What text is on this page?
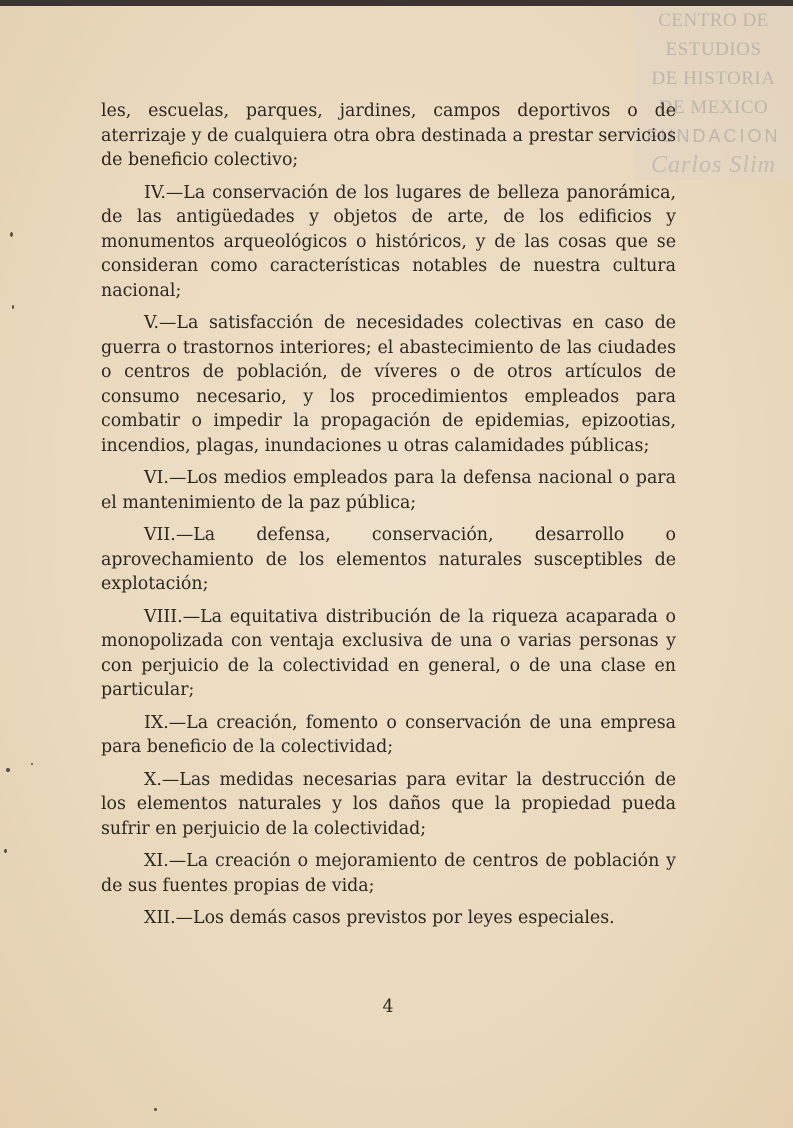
CENTRO DE
ESTUDIOS
DE HISTORIA
DE MEXICO
FUNDACION
Carlos Slim

les, escuelas, parques, jardines, campos deportivos o de aterrizaje y de cualquiera otra obra destinada a prestar servicios de beneficio colectivo;

IV.—La conservación de los lugares de belleza panorámica, de las antigüedades y objetos de arte, de los edificios y monumentos arqueológicos o históricos, y de las cosas que se consideran como características notables de nuestra cultura nacional;

V.—La satisfacción de necesidades colectivas en caso de guerra o trastornos interiores; el abastecimiento de las ciudades o centros de población, de víveres o de otros artículos de consumo necesario, y los procedimientos empleados para combatir o impedir la propagación de epidemias, epizootias, incendios, plagas, inundaciones u otras calamidades públicas;

VI.—Los medios empleados para la defensa nacional o para el mantenimiento de la paz pública;

VII.—La defensa, conservación, desarrollo o aprovechamiento de los elementos naturales susceptibles de explotación;

VIII.—La equitativa distribución de la riqueza acaparada o monopolizada con ventaja exclusiva de una o varias personas y con perjuicio de la colectividad en general, o de una clase en particular;

IX.—La creación, fomento o conservación de una empresa para beneficio de la colectividad;

X.—Las medidas necesarias para evitar la destrucción de los elementos naturales y los daños que la propiedad pueda sufrir en perjuicio de la colectividad;

XI.—La creación o mejoramiento de centros de población y de sus fuentes propias de vida;

XII.—Los demás casos previstos por leyes especiales.

4
